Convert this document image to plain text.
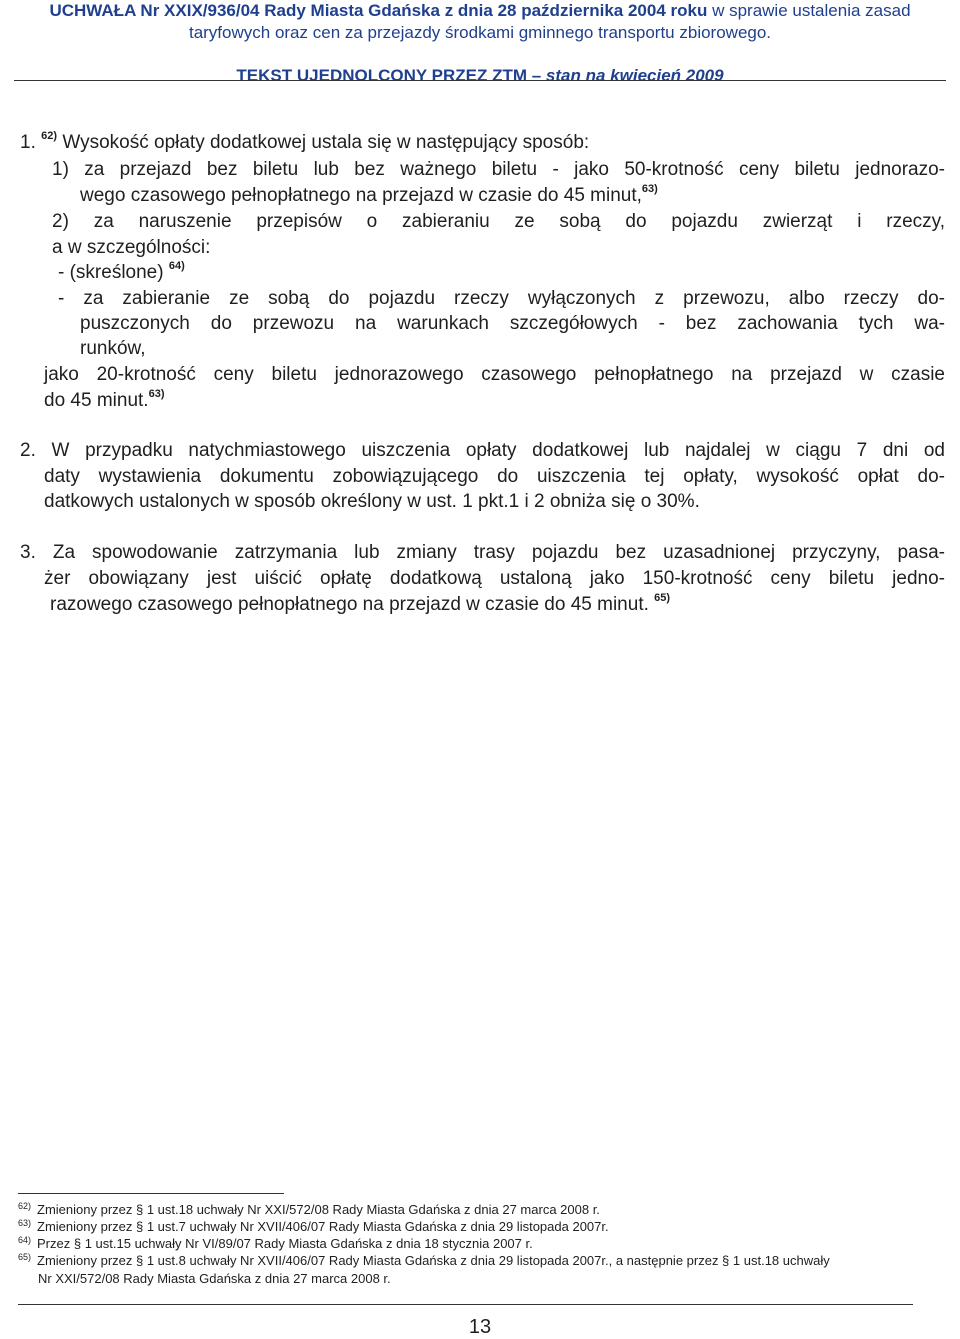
UCHWAŁA Nr XXIX/936/04 Rady Miasta Gdańska z dnia 28 października 2004 roku w sprawie ustalenia zasad
taryfowych oraz cen za przejazdy środkami gminnego transportu zbiorowego.
TEKST UJEDNOLCONY PRZEZ ZTM – stan na kwiecień 2009
1. $^{62)}$ Wysokość opłaty dodatkowej ustala się w następujący sposób:
1) za przejazd bez biletu lub bez ważnego biletu - jako 50-krotność ceny biletu jednorazo-
wego czasowego pełnopłatnego na przejazd w czasie do 45 minut,$^{63)}$
2) za naruszenie przepisów o zabieraniu ze sobą do pojazdu zwierząt i rzeczy,
a w szczególności:
- (skreślone) $^{64)}$
- za zabieranie ze sobą do pojazdu rzeczy wyłączonych z przewozu, albo rzeczy do-
puszczonych do przewozu na warunkach szczegółowych - bez zachowania tych wa-
runków,
jako 20-krotność ceny biletu jednorazowego czasowego pełnopłatnego na przejazd w czasie
do 45 minut.$^{63)}$
2. W przypadku natychmiastowego uiszczenia opłaty dodatkowej lub najdalej w ciągu 7 dni od
daty wystawienia dokumentu zobowiązującego do uiszczenia tej opłaty, wysokość opłat do-
datkowych ustalonych w sposób określony w ust. 1 pkt.1 i 2 obniża się o 30%.
3. Za spowodowanie zatrzymania lub zmiany trasy pojazdu bez uzasadnionej przyczyny, pasa-
żer obowiązany jest uiścić opłatę dodatkową ustaloną jako 150-krotność ceny biletu jedno-
razowego czasowego pełnopłatnego na przejazd w czasie do 45 minut. $^{65)}$
$^{62)}$ Zmieniony przez § 1 ust.18 uchwały Nr XXI/572/08 Rady Miasta Gdańska z dnia 27 marca 2008 r.
$^{63)}$ Zmieniony przez § 1 ust.7 uchwały Nr XVII/406/07 Rady Miasta Gdańska z dnia 29 listopada 2007r.
$^{64)}$ Przez § 1 ust.15 uchwały Nr VI/89/07 Rady Miasta Gdańska z dnia 18 stycznia 2007 r.
$^{65)}$ Zmieniony przez § 1 ust.8 uchwały Nr XVII/406/07 Rady Miasta Gdańska z dnia 29 listopada 2007r., a następnie przez § 1 ust.18 uchwały
Nr XXI/572/08 Rady Miasta Gdańska z dnia 27 marca 2008 r.
13
